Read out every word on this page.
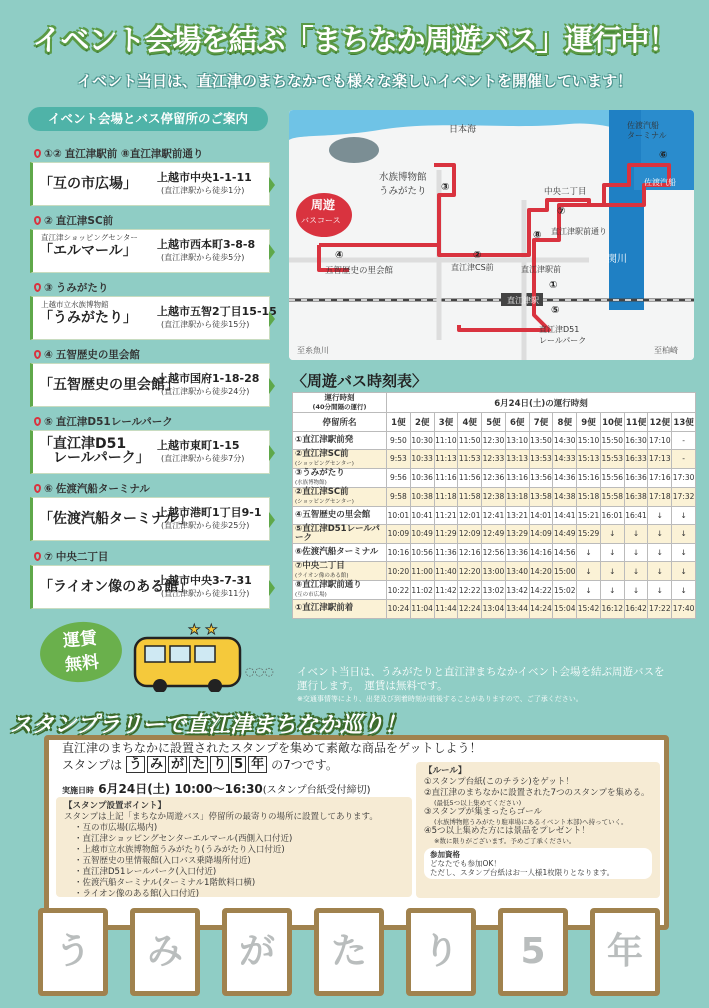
イベント会場を結ぶ「まちなか周遊バス」運行中！
イベント当日は、直江津のまちなかでも様々な楽しいイベントを開催しています！
イベント会場とバス停留所のご案内
①② 直江津駅前 ⑧直江津駅前通り
「互の市広場」 上越市中央1-1-11
(直江津駅から徒歩1分)
② 直江津SC前
直江津ショッピングセンター
「エルマール」 上越市西本町3-8-8
(直江津駅から徒歩5分)
③ うみがたり
上越市立水族博物館
「うみがたり」 上越市五智2丁目15-15
(直江津駅から徒歩15分)
④ 五智歴史の里会館
「五智歴史の里会館」
上越市国府1-18-28
(直江津駅から徒歩24分)
⑤ 直江津D51レールパーク
「直江津D51
　レールパーク」
上越市東町1-15
(直江津駅から徒歩7分)
⑥ 佐渡汽船ターミナル
「佐渡汽船ターミナル」
上越市港町1丁目9-1
(直江津駅から徒歩25分)
⑦ 中央二丁目
「ライオン像のある館」
上越市中央3-7-31
(直江津駅から徒歩11分)
周遊
バスコース
日本海
水族博物館
うみがたり	中央二丁目
佐渡汽船
ターミナル
佐渡汽船
五智歴史の里会館	直江津CS前	直江津駅前
直江津駅
直江津駅前通り
関川
直江津D51
レールパーク
至糸魚川	至柏崎
①
②
③
④
⑤
⑥
⑦
⑧
〈周遊バス時刻表〉
運行時刻
(40分間隔の運行)	6月24日(土)の運行時刻												
停留所名	1便	2便	3便	4便	5便	6便	7便	8便	9便	10便	11便	12便	13便
①直江津駅前発	9:50	10:30	11:10	11:50	12:30	13:10	13:50	14:30	15:10	15:50	16:30	17:10	-
②直江津SC前
(ショッピングセンター)	9:53	10:33	11:13	11:53	12:33	13:13	13:53	14:33	15:13	15:53	16:33	17:13	-
③うみがたり
(水族博物館)	9:56	10:36	11:16	11:56	12:36	13:16	13:56	14:36	15:16	15:56	16:36	17:16	17:30
②直江津SC前
(ショッピングセンター)	9:58	10:38	11:18	11:58	12:38	13:18	13:58	14:38	15:18	15:58	16:38	17:18	17:32
④五智歴史の里会館	10:01	10:41	11:21	12:01	12:41	13:21	14:01	14:41	15:21	16:01	16:41	↓	↓
⑤直江津D51レールパーク	10:09	10:49	11:29	12:09	12:49	13:29	14:09	14:49	15:29	↓	↓	↓	↓
⑥佐渡汽船ターミナル	10:16	10:56	11:36	12:16	12:56	13:36	14:16	14:56	↓	↓	↓	↓	↓
⑦中央二丁目
(ライオン像のある館)	10:20	11:00	11:40	12:20	13:00	13:40	14:20	15:00	↓	↓	↓	↓	↓
⑧直江津駅前通り
(互の市広場)	10:22	11:02	11:42	12:22	13:02	13:42	14:22	15:02	↓	↓	↓	↓	↓
①直江津駅前着	10:24	11:04	11:44	12:24	13:04	13:44	14:24	15:04	15:42	16:12	16:42	17:22	17:40
イベント当日は、うみがたりと直江津まちなかイベント会場を結ぶ周遊バスを
運行します。　運賃は無料です。
※交通事情等により、出発及び到着時刻が前後することがありますので、ご了承ください。
運賃
無料
★ ★
◌◌◌
スタンプラリーで直江津まちなか巡り！
直江津のまちなかに設置されたスタンプを集めて素敵な商品をゲットしよう！
スタンプは う み が た り 5 年 の7つです。
実施日時 6月24日(土) 10:00～16:30(スタンプ台紙受付締切)
【スタンプ設置ポイント】
スタンプは上記「まちなか周遊バス」停留所の最寄りの場所に設置してあります。
・互の市広場(広場内)
・直江津ショッピングセンターエルマール(西側入口付近)
・上越市立水族博物館うみがたり(うみがたり入口付近)
・五智歴史の里情報館(入口バス乗降場所付近)
・直江津D51レールパーク(入口付近)
・佐渡汽船ターミナル(ターミナル1階飲料口横)
・ライオン像のある館(入口付近)
【ルール】
①スタンプ台紙(このチラシ)をゲット！
②直江津のまちなかに設置された7つのスタンプを集める。
(最低5つ以上集めてください)
③スタンプが集まったらゴール
(水族博物館うみがたり駐車場にあるイベント本部)へ持っていく。
④5つ以上集めた方には景品をプレゼント！
※数に限りがございます。予めご了承ください。
参加資格
どなたでも参加OK！
ただし、スタンプ台紙はお一人様1枚限りとなります。
う	み	が	た	り	5	年
